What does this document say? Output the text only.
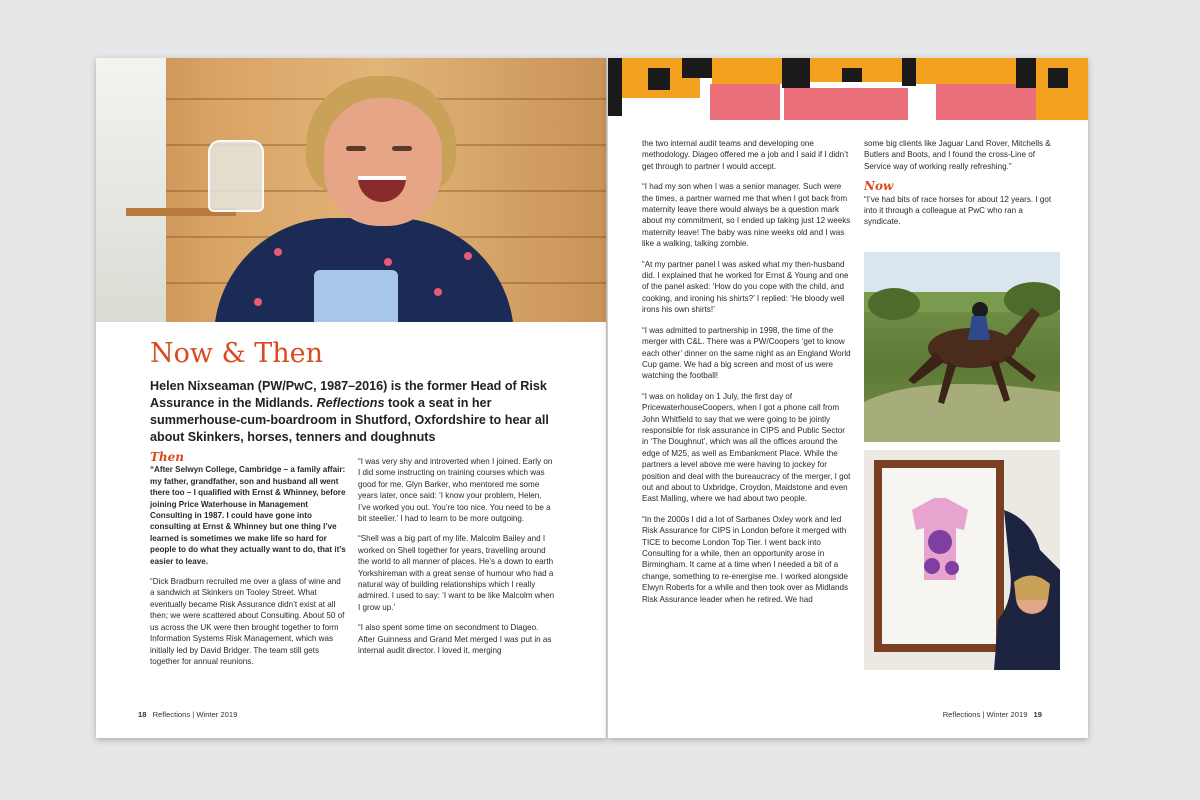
Now & Then

Helen Nixseaman (PW/PwC, 1987–2016) is the former Head of Risk Assurance in the Midlands. Reflections took a seat in her summerhouse-cum-boardroom in Shutford, Oxfordshire to hear all about Skinkers, horses, tenners and doughnuts

Then

“After Selwyn College, Cambridge – a family affair: my father, grandfather, son and husband all went there too – I qualified with Ernst & Whinney, before joining Price Waterhouse in Management Consulting in 1987. I could have gone into consulting at Ernst & Whinney but one thing I’ve learned is sometimes we make life so hard for people to do what they actually want to do, that it’s easier to leave.

“Dick Bradburn recruited me over a glass of wine and a sandwich at Skinkers on Tooley Street. What eventually became Risk Assurance didn’t exist at all then; we were scattered about Consulting. About 50 of us across the UK were then brought together to form Information Systems Risk Management, which was initially led by David Bridger. The team still gets together for annual reunions.

“I was very shy and introverted when I joined. Early on I did some instructing on training courses which was good for me. Glyn Barker, who mentored me some years later, once said: ‘I know your problem, Helen, I’ve worked you out. You’re too nice. You need to be a bit steelier.’ I had to learn to be more outgoing.

“Shell was a big part of my life. Malcolm Bailey and I worked on Shell together for years, travelling around the world to all manner of places. He’s a down to earth Yorkshireman with a great sense of humour who had a natural way of building relationships which I really admired. I used to say: ‘I want to be like Malcolm when I grow up.’

“I also spent some time on secondment to Diageo. After Guinness and Grand Met merged I was put in as internal audit director. I loved it, merging

18 Reflections | Winter 2019

the two internal audit teams and developing one methodology. Diageo offered me a job and I said if I didn’t get through to partner I would accept.

“I had my son when I was a senior manager. Such were the times, a partner warned me that when I got back from maternity leave there would always be a question mark about my commitment, so I ended up taking just 12 weeks maternity leave! The baby was nine weeks old and I was like a walking, talking zombie.

“At my partner panel I was asked what my then-husband did. I explained that he worked for Ernst & Young and one of the panel asked: ‘How do you cope with the child, and cooking, and ironing his shirts?’ I replied: ‘He bloody well irons his own shirts!’

“I was admitted to partnership in 1998, the time of the merger with C&L. There was a PW/Coopers ‘get to know each other’ dinner on the same night as an England World Cup game. We had a big screen and most of us were watching the football!

“I was on holiday on 1 July, the first day of PricewaterhouseCoopers, when I got a phone call from John Whitfield to say that we were going to be jointly responsible for risk assurance in CIPS and Public Sector in ‘The Doughnut’, which was all the offices around the edge of M25, as well as Embankment Place. While the partners a level above me were having to jockey for position and deal with the bureaucracy of the merger, I got out and about to Uxbridge, Croydon, Maidstone and even East Malling, where we had about two people.

“In the 2000s I did a lot of Sarbanes Oxley work and led Risk Assurance for CIPS in London before it merged with TICE to become London Top Tier. I went back into Consulting for a while, then an opportunity arose in Birmingham. It came at a time when I needed a bit of a change, something to re-energise me. I worked alongside Elwyn Roberts for a while and then took over as Midlands Risk Assurance leader when he retired. We had

some big clients like Jaguar Land Rover, Mitchells & Butlers and Boots, and I found the cross-Line of Service way of working really refreshing.”

Now

“I’ve had bits of race horses for about 12 years. I got into it through a colleague at PwC who ran a syndicate.

Reflections | Winter 2019 19
